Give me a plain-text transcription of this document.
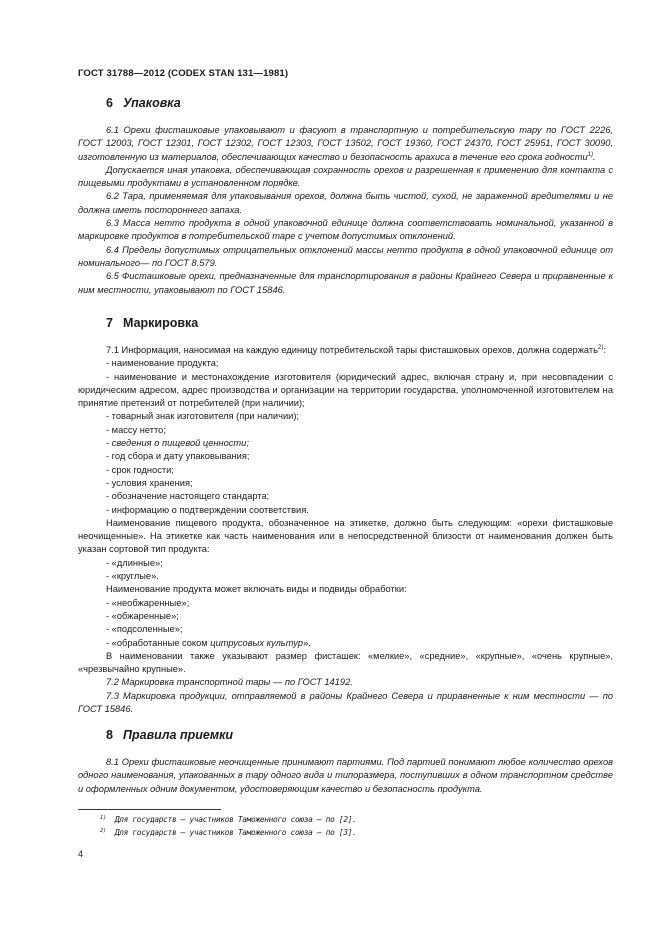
ГОСТ 31788—2012 (CODEX STAN 131—1981)
6 Упаковка

6.1 Орехи фисташковые упаковывают и фасуют в транспортную и потребительскую тару по ГОСТ 2226, ГОСТ 12003, ГОСТ 12301, ГОСТ 12302, ГОСТ 12303, ГОСТ 13502, ГОСТ 19360, ГОСТ 24370, ГОСТ 25951, ГОСТ 30090, изготовленную из материалов, обеспечивающих качество и безопасность арахиса в течение его срока годности$^{1)}$.

Допускается иная упаковка, обеспечивающая сохранность орехов и разрешенная к применению для контакта с пищевыми продуктами в установленном порядке.

6.2 Тара, применяемая для упаковывания орехов, должна быть чистой, сухой, не зараженной вредителями и не должна иметь постороннего запаха.

6.3 Масса нетто продукта в одной упаковочной единице должна соответствовать номинальной, указанной в маркировке продуктов в потребительской таре с учетом допустимых отклонений.

6.4 Пределы допустимых отрицательных отклонений массы нетто продукта в одной упаковочной единице от номинального— по ГОСТ 8.579.

6.5 Фисташковые орехи, предназначенные для транспортирования в районы Крайнего Севера и приравненные к ним местности, упаковывают по ГОСТ 15846.

7 Маркировка

7.1 Информация, наносимая на каждую единицу потребительской тары фисташковых орехов, должна содержать$^{2)}$:

- наименование продукта;

- наименование и местонахождение изготовителя (юридический адрес, включая страну и, при несовпадении с юридическим адресом, адрес производства и организации на территории государства, уполномоченной изготовителем на принятие претензий от потребителей (при наличии);

- товарный знак изготовителя (при наличии);

- массу нетто;

- сведения о пищевой ценности;

- год сбора и дату упаковывания;

- срок годности;

- условия хранения;

- обозначение настоящего стандарта;

- информацию о подтверждении соответствия.

Наименование пищевого продукта, обозначенное на этикетке, должно быть следующим: «орехи фисташковые неочищенные». На этикетке как часть наименования или в непосредственной близости от наименования должен быть указан сортовой тип продукта:

- «длинные»;

- «круглые».

Наименование продукта может включать виды и подвиды обработки:

- «необжаренные»;

- «обжаренные»;

- «подсоленные»;

- «обработанные соком цитрусовых культур».

В наименовании также указывают размер фисташек: «мелкие», «средние», «крупные», «очень крупные», «чрезвычайно крупные».

7.2 Маркировка транспортной тары — по ГОСТ 14192.

7.3 Маркировка продукции, отправляемой в районы Крайнего Севера и приравненные к ним местности — по ГОСТ 15846.

8 Правила приемки

8.1 Орехи фисташковые неочищенные принимают партиями. Под партией понимают любое количество орехов одного наименования, упакованных в тару одного вида и типоразмера, поступивших в одном транспортном средстве и оформленных одним документом, удостоверяющим качество и безопасность продукта.

$^{1)}$ Для государств — участников Таможенного союза — по [2].
$^{2)}$ Для государств — участников Таможенного союза — по [3].
4
